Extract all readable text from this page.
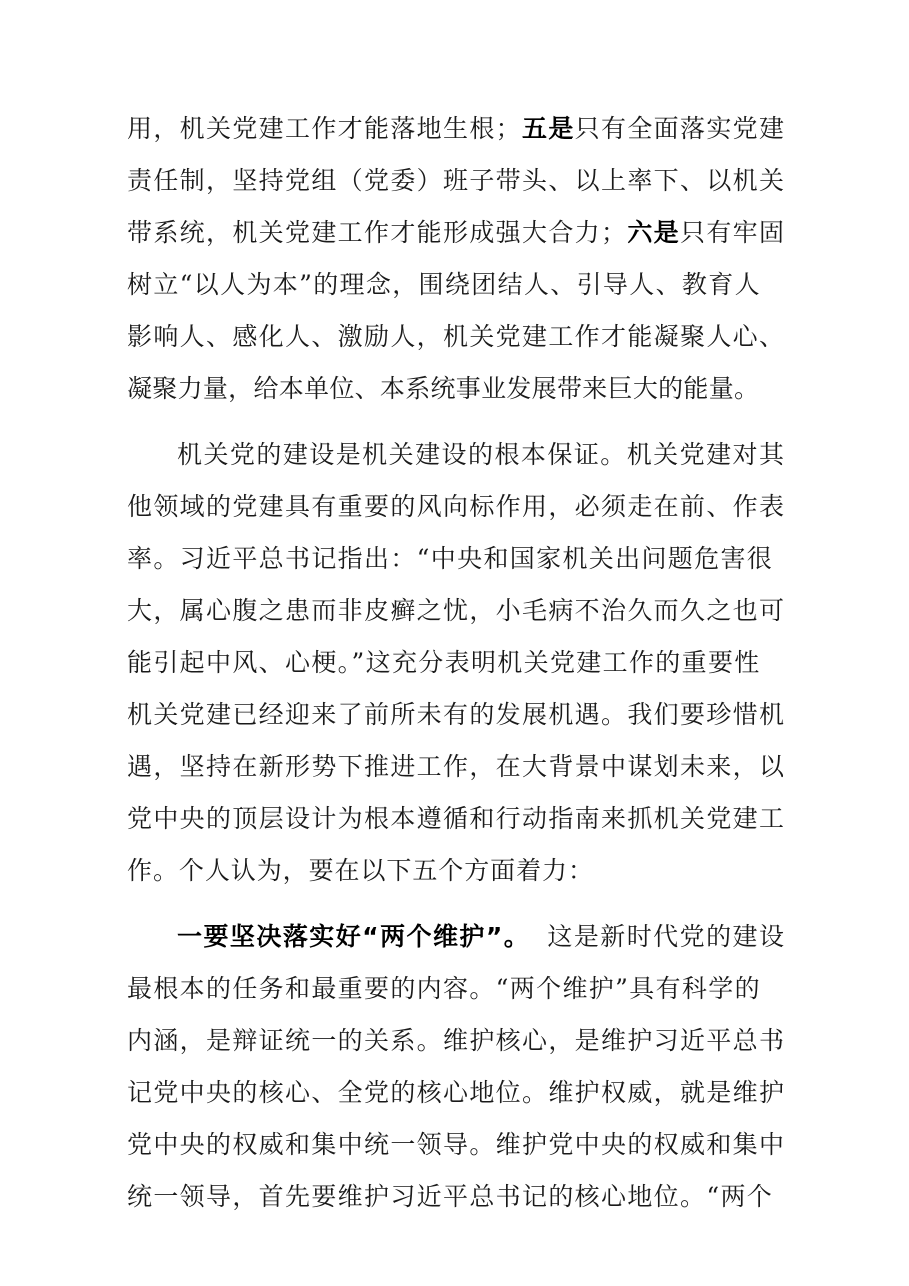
用，机关党建工作才能落地生根； 五是 只有全面落实党建
责任制，坚持党组（党委）班子带头、以上率下、以机关
带系统，机关党建工作才能形成强大合力； 六是 只有牢固
树立“以人为本”的理念，围绕团结人、引导人、教育人
影响人、感化人、激励人，机关党建工作才能凝聚人心、
凝聚力量，给本单位、本系统事业发展带来巨大的能量。
机关党的建设是机关建设的根本保证。机关党建对其
他领域的党建具有重要的风向标作用，必须走在前、作表
率。习近平总书记指出：“中央和国家机关出问题危害很
大，属心腹之患而非皮癣之忧，小毛病不治久而久之也可
能引起中风、心梗。”这充分表明机关党建工作的重要性
机关党建已经迎来了前所未有的发展机遇。我们要珍惜机
遇，坚持在新形势下推进工作，在大背景中谋划未来，以
党中央的顶层设计为根本遵循和行动指南来抓机关党建工
作。个人认为，要在以下五个方面着力：
一要坚决落实好“两个维护”。 这是新时代党的建设
最根本的任务和最重要的内容。“两个维护”具有科学的
内涵，是辩证统一的关系。维护核心，是维护习近平总书
记党中央的核心、全党的核心地位。维护权威，就是维护
党中央的权威和集中统一领导。维护党中央的权威和集中
统一领导，首先要维护习近平总书记的核心地位。“两个
